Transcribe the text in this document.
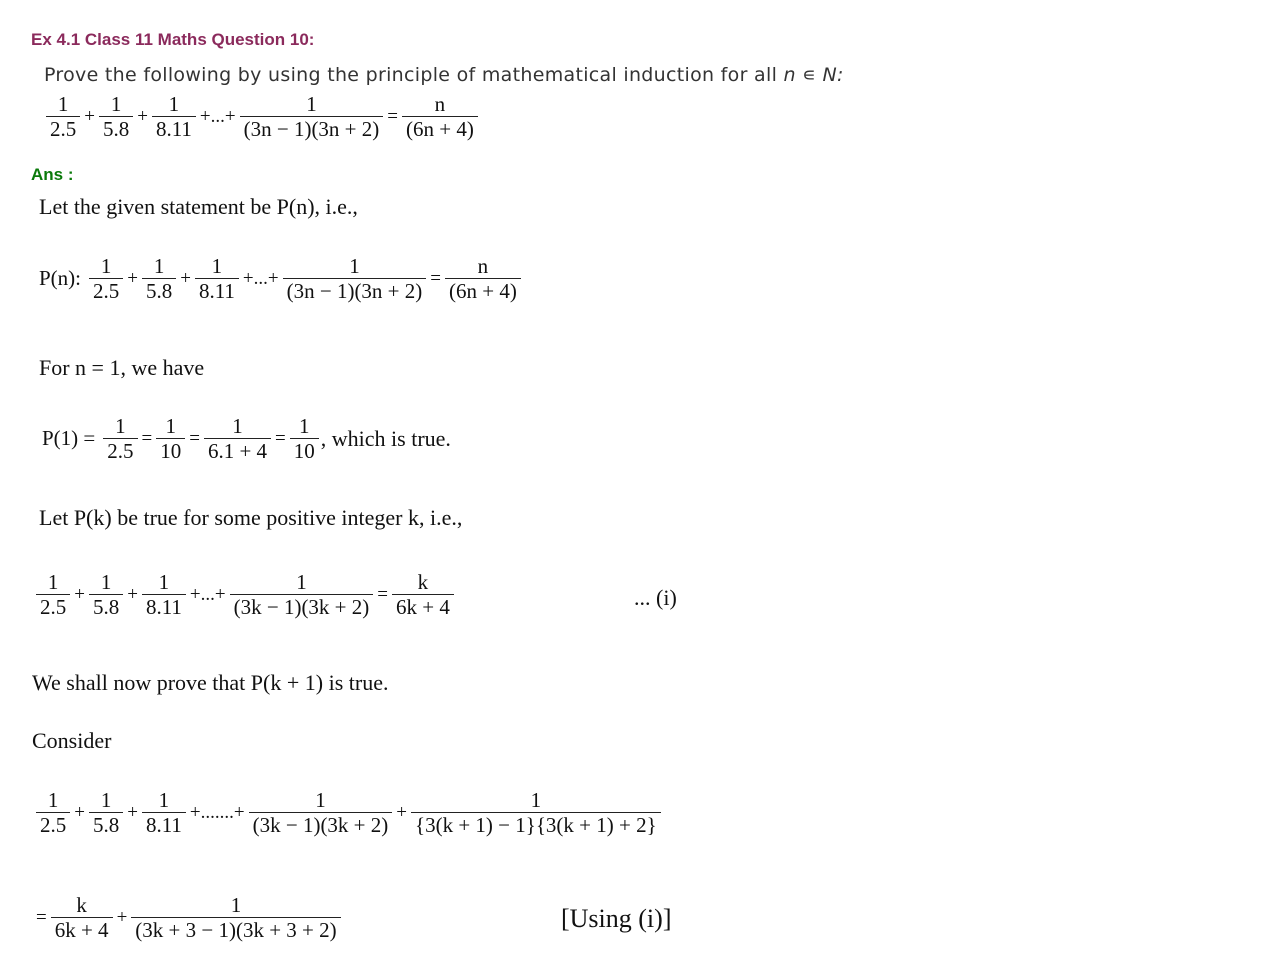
Ex 4.1 Class 11 Maths Question 10:
Prove the following by using the principle of mathematical induction for all n ∊ N:
$\frac{1}{2.5} + \frac{1}{5.8} + \frac{1}{8.11}$ +...+ $\frac{1}{(3n - 1)(3n + 2)} = \frac{n}{(6n + 4)}$
Ans :
Let the given statement be P(n), i.e.,
P(n): $\frac{1}{2.5} + \frac{1}{5.8} + \frac{1}{8.11}$ +...+ $\frac{1}{(3n - 1)(3n + 2)} = \frac{n}{(6n + 4)}$
For n = 1, we have
$P(1) = \frac{1}{2.5} = \frac{1}{10} = \frac{1}{6.1 + 4} = \frac{1}{10}$ , which is true.
Let P(k) be true for some positive integer k, i.e.,
$\frac{1}{2.5} + \frac{1}{5.8} + \frac{1}{8.11}$ +...+ $\frac{1}{(3k - 1)(3k + 2)} = \frac{k}{6k + 4}$	... (i)
We shall now prove that P(k + 1) is true.
Consider
$\frac{1}{2.5} + \frac{1}{5.8} + \frac{1}{8.11}$ +.......+ $\frac{1}{(3k - 1)(3k + 2)} + \frac{1}{\{3(k + 1) - 1\}\{3(k + 1) + 2\}}$
= $\frac{k}{6k + 4} + \frac{1}{(3k + 3 - 1)(3k + 3 + 2)}$	[Using (i)]
